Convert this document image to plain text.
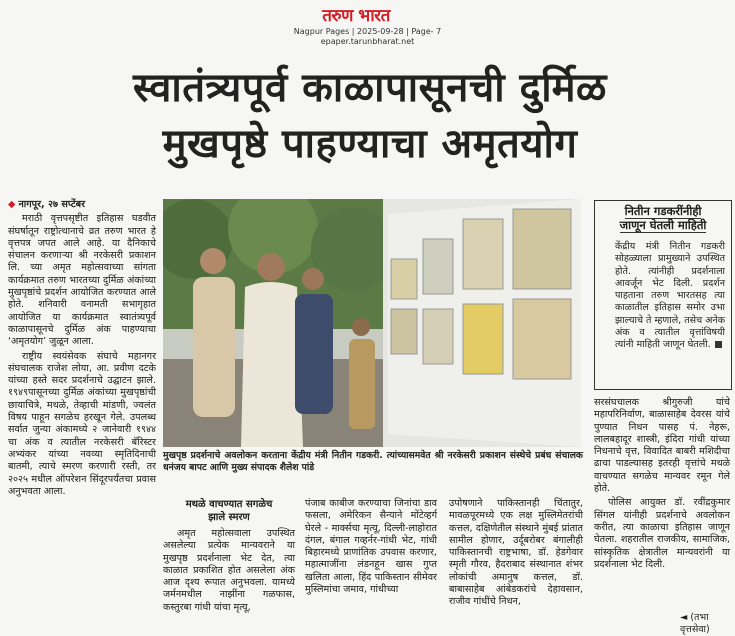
तरुण भारत
Nagpur Pages | 2025-09-28 | Page- 7
epaper.tarunbharat.net
स्वातंत्र्यपूर्व काळापासूनची दुर्मिळ
मुखपृष्ठे पाहण्याचा अमृतयोग

◆ नागपूर, २७ सप्टेंबर

मराठी वृत्तपसृष्टीत इतिहास घडवीत संघर्षातून राष्ट्रोत्थानाचे व्रत तरुण भारत हे वृत्तपत्र जपत आले आहे. या दैनिकाचे संचालन करणाऱ्या श्री नरकेसरी प्रकाशन लि. च्या अमृत महोत्सवाच्या सांगता कार्यक्रमात तरुण भारतच्या दुर्मिळ अंकांच्या मुखपृष्ठांचे प्रदर्शन आयोजित करण्यात आले होते. शनिवारी वनामती सभागृहात आयोजित या कार्यक्रमात स्वातंत्र्यपूर्व काळापासूनचे दुर्मिळ अंक पाहण्याचा ‘अमृतयोग’ जुळून आला.

राष्ट्रीय स्वयंसेवक संघाचे महानगर संघचालक राजेश लोया, आ. प्रवीण दटके यांच्या हस्ते सदर प्रदर्शनाचे उद्घाटन झाले. १९४९पासूनच्या दुर्मिळ अंकांच्या मुखपृष्ठांची छायाचित्रे, मथळे, तेव्हाची मांडणी, ज्वलंत विषय पाहून सगळेच हरखून गेले. उपलब्ध सर्वात जुन्या अंकामध्ये २ जानेवारी १९४४ चा अंक व त्यातील नरकेसरी बॅरिस्टर अभ्यंकर यांच्या नवव्या स्मृतिदिनाची बातमी, त्याचे स्मरण करणारी रस्ती, तर २०२५ मधील ऑपरेशन सिंदूरपर्यंतचा प्रवास अनुभवता आला.

मुखपृष्ठ प्रदर्शनाचे अवलोकन करताना केंद्रीय मंत्री नितीन गडकरी. त्यांच्यासमवेत श्री नरकेसरी प्रकाशन संस्थेचे प्रबंध संचालक धनंजय बापट आणि मुख्य संपादक शैलेश पांडे
मथळे वाचण्यात सगळेच
झाले स्मरण

अमृत महोत्सवाला उपस्थित असलेल्या प्रत्येक मान्यवराने या मुखपृष्ठ प्रदर्शनाला भेट देत, त्या काळात प्रकाशित होत असलेला अंक आज दृश्य रूपात अनुभवला. यामध्ये जर्मनमधील नाझींना गळफास, कस्तुरबा गांधी यांचा मृत्यू,

पंजाब काबीज करण्याचा जिनांचा डाव फसला, अमेरिकन सैन्याने मोंटेव्हर्ग घेरले - मार्क्सचा मृत्यू, दिल्ली-लाहोरात दंगल, बंगाल गव्हर्नर-गांधी भेट, गांधी बिहारमध्ये प्राणांतिक उपवास करणार, महात्माजींना लंडनहून खास गुप्त खलिता आला, हिंद पाकिस्तान सीमेवर मुस्लिमांचा जमाव, गांधीच्या

उपोषणाने पाकिस्तानही चिंतातुर, मावळपूरमध्ये एक लक्ष मुस्लिमेतरांची कत्तल, दक्षिणेतील संस्थाने मुंबई प्रांतात सामील होणार, उर्दूबरोबर बंगालीही पाकिस्तानची राष्ट्रभाषा, डॉ. हेडगेवार स्मृती गौरव, हैदराबाद संस्थानात शंभर लोकांची अमानुष कत्तल, डॉ. बाबासाहेब आंबेडकरांचे देहावसान, राजीव गांधींचे निधन,

नितीन गडकरींनीही
जाणून घेतली माहिती
केंद्रीय मंत्री नितीन गडकरी सोहळ्याला प्रामुख्याने उपस्थित होते. त्यांनीही प्रदर्शनाला आवर्जून भेट दिली. प्रदर्शन पाहताना तरुण भारतसह त्या काळातील इतिहास समोर उभा झाल्याचे ते म्हणाले, तसेच अनेक अंक व त्यातील वृत्तांविषयी त्यांनी माहिती जाणून घेतली.

सरसंघचालक श्रीगुरुजी यांचे महापरिनिर्वाण, बाळासाहेब देवरस यांचे पुण्यात निधन पासह पं. नेहरू, लालबहादूर शास्त्री, इंदिरा गांधी यांच्या निधनाचे वृत्त, विवादित बाबरी मशिदीचा ढाचा पाडल्यासह इतरही वृत्तांचे मथळे वाचण्यात सगळेच मान्यवर रमून गेले होते.

पोलिस आयुक्त डॉ. रवींद्रकुमार सिंगल यांनीही प्रदर्शनाचे अवलोकन करीत, त्या काळाचा इतिहास जाणून घेतला. शहरातील राजकीय, सामाजिक, सांस्कृतिक क्षेत्रातील मान्यवरांनी या प्रदर्शनाला भेट दिली.

◄ (तभा वृत्तसेवा)
